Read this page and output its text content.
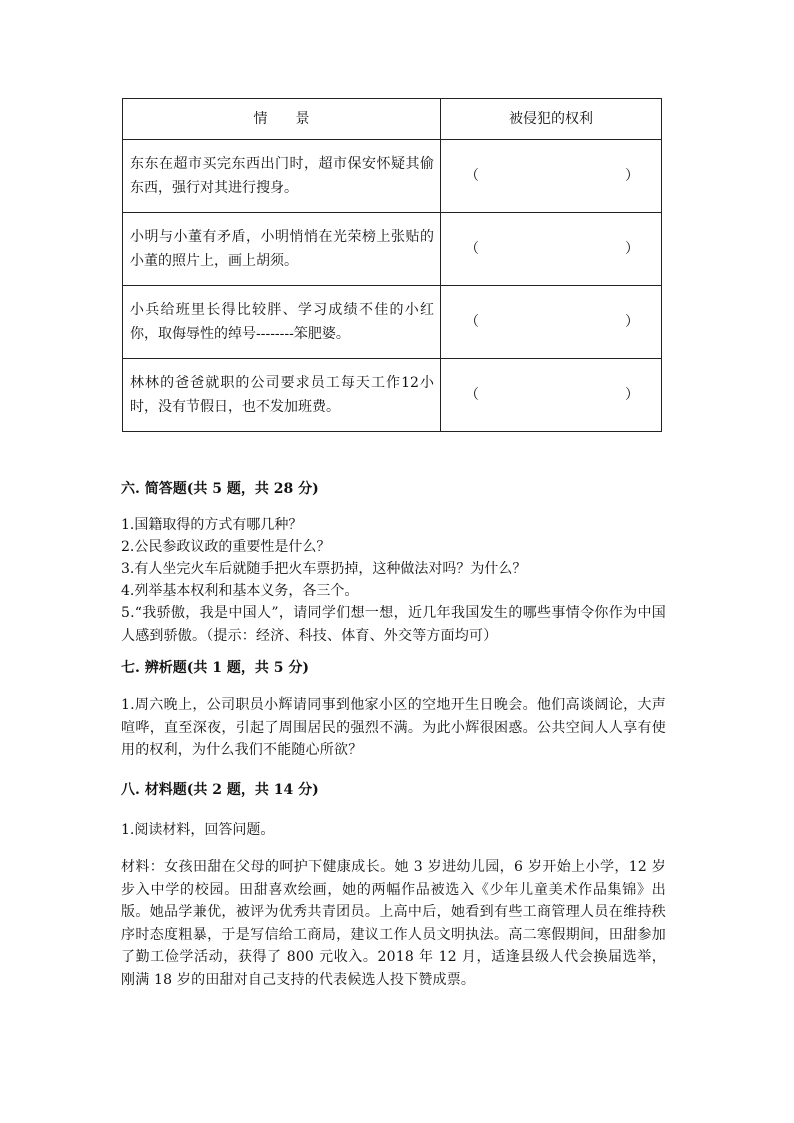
情　　景	被侵犯的权利
东东在超市买完东西出门时，超市保安怀疑其偷东西，强行对其进行搜身。	（ ）

小明与小董有矛盾，小明悄悄在光荣榜上张贴的小董的照片上，画上胡须。	（ ）

小兵给班里长得比较胖、学习成绩不佳的小红你，取侮辱性的绰号--------笨肥婆。	（ ）

林林的爸爸就职的公司要求员工每天工作12小时，没有节假日，也不发加班费。	（ ）

六. 简答题(共 5 题，共 28 分)

1.国籍取得的方式有哪几种？

2.公民参政议政的重要性是什么？

3.有人坐完火车后就随手把火车票扔掉，这种做法对吗？为什么？

4.列举基本权利和基本义务，各三个。

5.“我骄傲，我是中国人”，请同学们想一想，近几年我国发生的哪些事情令你作为中国人感到骄傲。（提示：经济、科技、体育、外交等方面均可）

七. 辨析题(共 1 题，共 5 分)

1.周六晚上，公司职员小辉请同事到他家小区的空地开生日晚会。他们高谈阔论，大声喧哗，直至深夜，引起了周围居民的强烈不满。为此小辉很困惑。公共空间人人享有使用的权利，为什么我们不能随心所欲？

八. 材料题(共 2 题，共 14 分)

1.阅读材料，回答问题。

材料：女孩田甜在父母的呵护下健康成长。她 3 岁进幼儿园，6 岁开始上小学，12 岁步入中学的校园。田甜喜欢绘画，她的两幅作品被选入《少年儿童美术作品集锦》出版。她品学兼优，被评为优秀共青团员。上高中后，她看到有些工商管理人员在维持秩序时态度粗暴，于是写信给工商局，建议工作人员文明执法。高二寒假期间，田甜参加了勤工俭学活动，获得了 800 元收入。2018 年 12 月，适逢县级人代会换届选举，刚满 18 岁的田甜对自己支持的代表候选人投下赞成票。
